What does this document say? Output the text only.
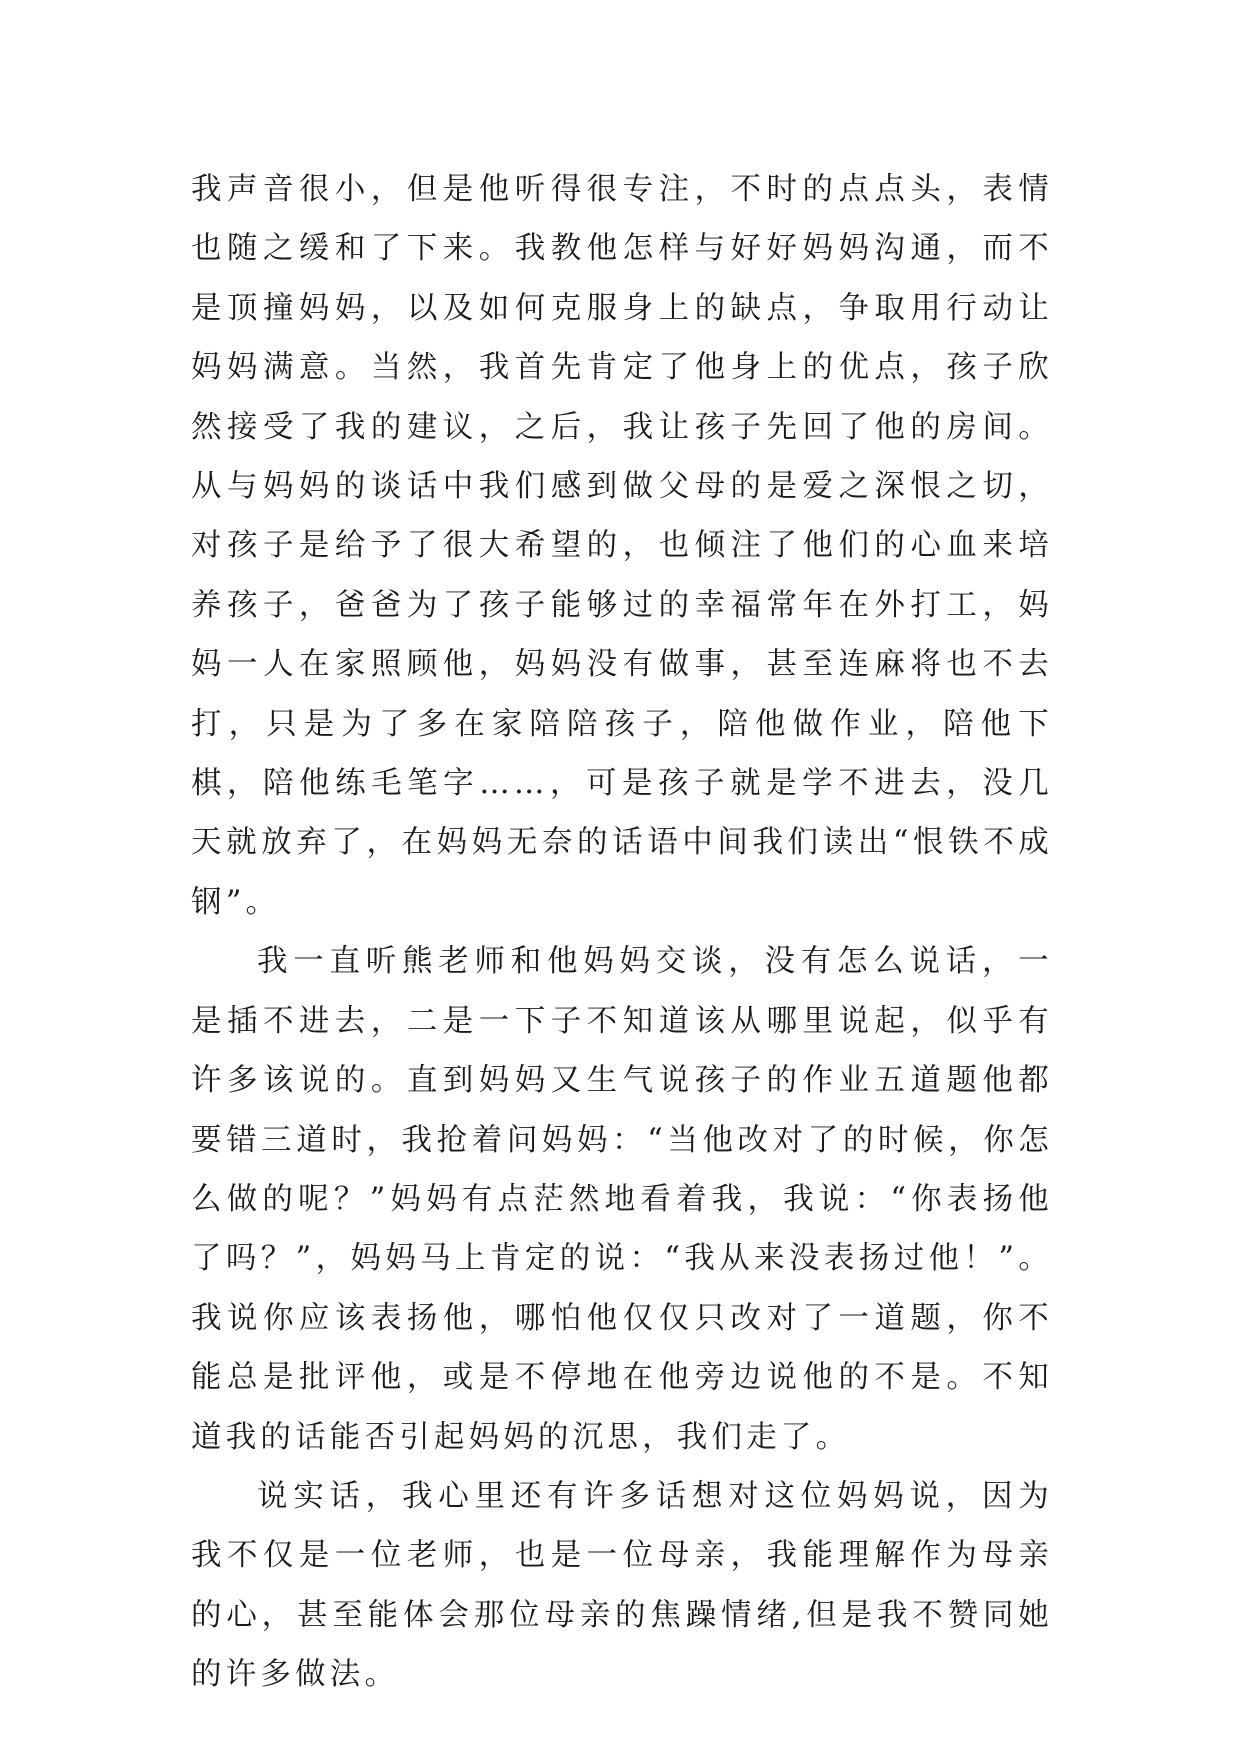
我声音很小，但是他听得很专注，不时的点点头，表情也随之缓和了下来。我教他怎样与好好妈妈沟通，而不是顶撞妈妈，以及如何克服身上的缺点，争取用行动让妈妈满意。当然，我首先肯定了他身上的优点，孩子欣然接受了我的建议，之后，我让孩子先回了他的房间。从与妈妈的谈话中我们感到做父母的是爱之深恨之切，对孩子是给予了很大希望的，也倾注了他们的心血来培养孩子，爸爸为了孩子能够过的幸福常年在外打工，妈妈一人在家照顾他，妈妈没有做事，甚至连麻将也不去打，只是为了多在家陪陪孩子，陪他做作业，陪他下棋，陪他练毛笔字……，可是孩子就是学不进去，没几天就放弃了，在妈妈无奈的话语中间我们读出“恨铁不成钢”。

我一直听熊老师和他妈妈交谈，没有怎么说话，一是插不进去，二是一下子不知道该从哪里说起，似乎有许多该说的。直到妈妈又生气说孩子的作业五道题他都要错三道时，我抢着问妈妈：“当他改对了的时候，你怎么做的呢？”妈妈有点茫然地看着我，我说：“你表扬他了吗？”，妈妈马上肯定的说：“我从来没表扬过他！”。我说你应该表扬他，哪怕他仅仅只改对了一道题，你不能总是批评他，或是不停地在他旁边说他的不是。不知道我的话能否引起妈妈的沉思，我们走了。

说实话，我心里还有许多话想对这位妈妈说，因为我不仅是一位老师，也是一位母亲，我能理解作为母亲的心，甚至能体会那位母亲的焦躁情绪,但是我不赞同她的许多做法。
